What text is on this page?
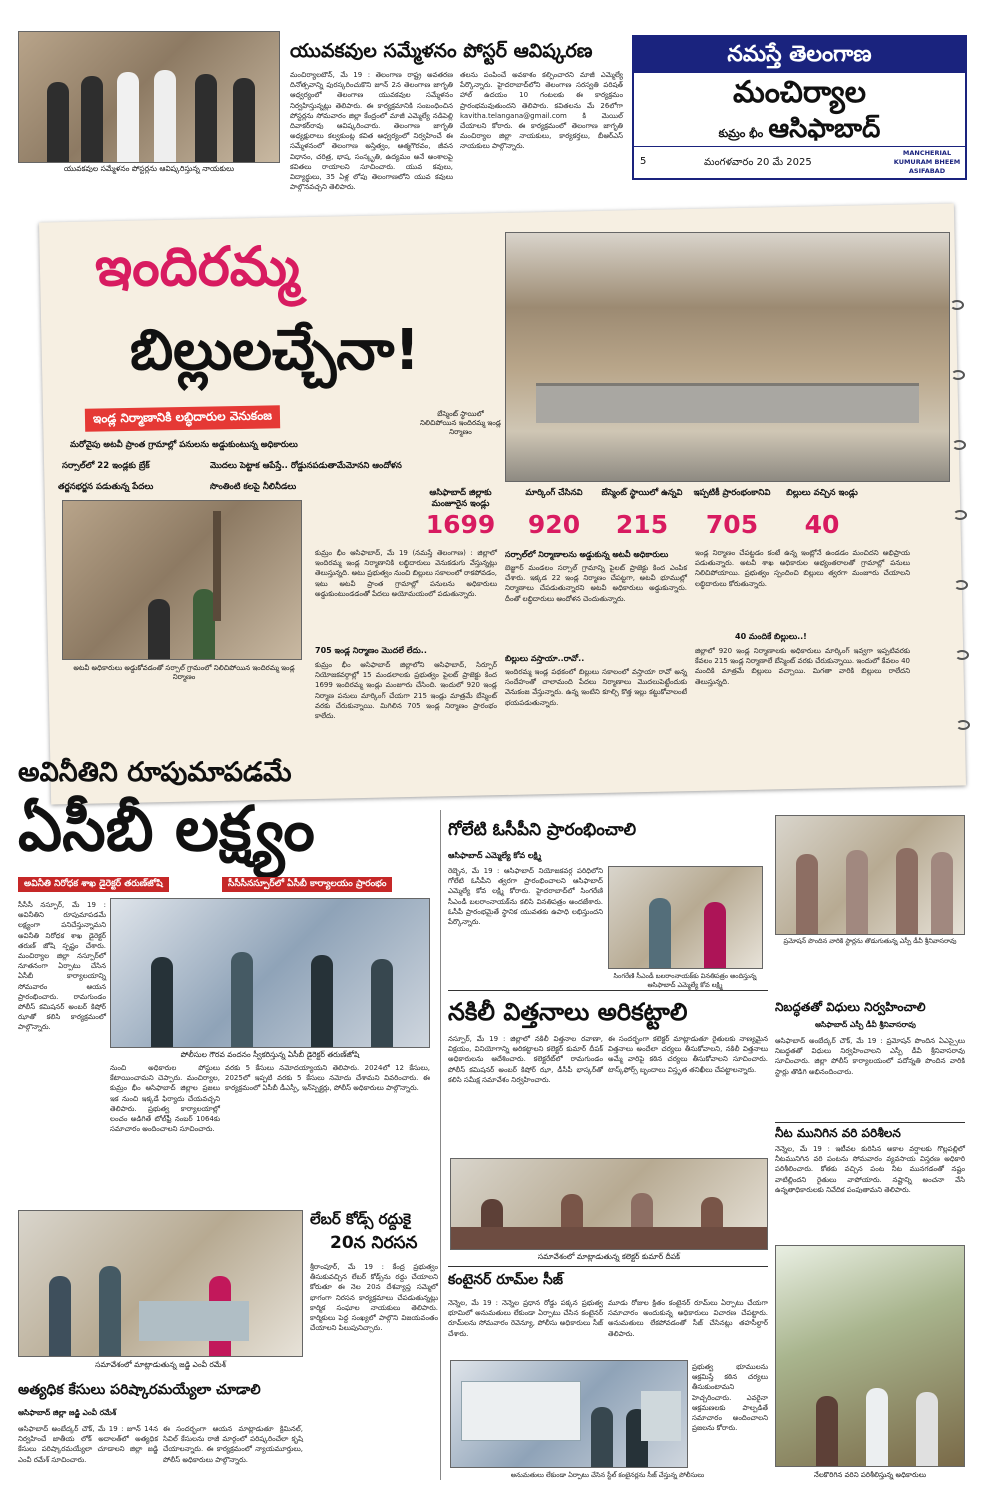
యువకవుల సమ్మేళనం పోస్టర్లను ఆవిష్కరిస్తున్న నాయకులు
యువకవుల సమ్మేళనం పోస్టర్ ఆవిష్కరణ
మంచిర్యాలటౌన్, మే 19 : తెలంగాణ రాష్ట్ర అవతరణ దినోత్సవాన్ని పురస్కరించుకొని జూన్ 2న తెలంగాణ జాగృతి ఆధ్వర్యంలో తెలంగాణ యువకవుల సమ్మేళనం నిర్వహిస్తున్నట్లు తెలిపారు. ఈ కార్యక్రమానికి సంబంధించిన పోస్టర్లను సోమవారం జిల్లా కేంద్రంలో మాజీ ఎమ్మెల్యే నడిపెల్లి దివాకర్‌రావు ఆవిష్కరించారు. తెలంగాణ జాగృతి అధ్యక్షురాలు కల్వకుంట్ల కవిత ఆధ్వర్యంలో నిర్వహించే ఈ సమ్మేళనంలో తెలంగాణ అస్తిత్వం, ఆత్మగౌరవం, జీవన విధానం, చరిత్ర, భాష, సంస్కృతి, ఉద్యమం అనే అంశాలపై కవితలు రాయాలని సూచించారు. యువ కవులు, విద్యార్థులు, 35 ఏళ్ల లోపు తెలంగాణలోని యువ కవులు పాల్గొనవచ్చని తెలిపారు.
తలను పంపించే అవకాశం కల్పించారని మాజీ ఎమ్మెల్యే పేర్కొన్నారు. హైదరాబాద్‌లోని తెలంగాణ సరస్వతి పరిషత్ హాల్ ఉదయం 10 గంటలకు ఈ కార్యక్రమం ప్రారంభమవుతుందని తెలిపారు. కవితలను మే 26లోగా kavitha.telangana@gmail.com కి మెయిల్ చేయాలని కోరారు. ఈ కార్యక్రమంలో తెలంగాణ జాగృతి మంచిర్యాల జిల్లా నాయకులు, కార్యకర్తలు, బీఆర్ఎస్ నాయకులు పాల్గొన్నారు.
నమస్తే తెలంగాణ
మంచిర్యాల
కుమ్రం భీం ఆసిఫాబాద్
5	మంగళవారం 20 మే 2025
MANCHERIAL
KUMURAM BHEEM
ASIFABAD
ఇందిరమ్మ
బిల్లులచ్చేనా!
బేస్మెంట్ స్థాయిలో నిలిచిపోయిన ఇందిరమ్మ ఇండ్ల నిర్మాణం
ఇండ్ల నిర్మాణానికి లబ్ధిదారుల వెనుకంజ
మరోవైపు అటవీ ప్రాంత గ్రామాల్లో పనులను అడ్డుకుంటున్న అధికారులు
సర్సాల్‌లో 22 ఇండ్లకు బ్రేక్	మొదలు పెట్టాక ఆపేస్తే.. రోడ్డునపడుతామేమోనని ఆందోళన
తర్జనభర్జన పడుతున్న పేదలు	సొంతింటి కలపై నీలినీడలు
ఆసిఫాబాద్ జిల్లాకు మంజూరైన ఇండ్లు
1699
మార్కింగ్ చేసినవి
920
బేస్మెంట్ స్థాయిలో ఉన్నవి
215
ఇప్పటికీ ప్రారంభంకానివి
705
బిల్లులు వచ్చిన ఇండ్లు
40
అటవీ అధికారులు అడ్డుకోవడంతో సర్సాల్ గ్రామంలో నిలిచిపోయిన ఇందిరమ్మ ఇండ్ల నిర్మాణం
కుమ్రం భీం ఆసిఫాబాద్, మే 19 (నమస్తే తెలంగాణ) : జిల్లాలో ఇందిరమ్మ ఇండ్ల నిర్మాణానికి లబ్ధిదారులు వెనుకడుగు వేస్తున్నట్లు తెలుస్తున్నది. అటు ప్రభుత్వం నుంచి బిల్లులు సకాలంలో రాకపోవడం, ఇటు అటవీ ప్రాంత గ్రామాల్లో పనులను అధికారులు అడ్డుకుంటుండడంతో పేదలు అయోమయంలో పడుతున్నారు.
705 ఇండ్ల నిర్మాణం మొదలే లేదు..
కుమ్రం భీం ఆసిఫాబాద్ జిల్లాలోని ఆసిఫాబాద్, సిర్పూర్ నియోజకవర్గాల్లో 15 మండలాలకు ప్రభుత్వం పైలట్ ప్రాజెక్టు కింద 1699 ఇందిరమ్మ ఇండ్లు మంజూరు చేసింది. ఇందులో 920 ఇండ్ల నిర్మాణ పనులు మార్కింగ్ చేయగా 215 ఇండ్లు మాత్రమే బేస్మెంట్ వరకు చేరుకున్నాయి. మిగిలిన 705 ఇండ్ల నిర్మాణం ప్రారంభం కాలేదు.
సర్సాల్‌లో నిర్మాణాలను అడ్డుకున్న అటవీ అధికారులు
బెజ్జూర్ మండలం సర్సాల్ గ్రామాన్ని పైలట్ ప్రాజెక్టు కింద ఎంపిక చేశారు. ఇక్కడ 22 ఇండ్ల నిర్మాణం చేపట్టగా, అటవీ భూముల్లో నిర్మాణాలు చేపడుతున్నారని అటవీ అధికారులు అడ్డుకున్నారు. దీంతో లబ్ధిదారులు ఆందోళన చెందుతున్నారు.
బిల్లులు వస్తాయా..రావో..
ఇందిరమ్మ ఇండ్ల పథకంలో బిల్లులు సకాలంలో వస్తాయా రావో అన్న సందేహంతో చాలామంది పేదలు నిర్మాణాలు మొదలుపెట్టేందుకు వెనుకంజ వేస్తున్నారు. ఉన్న ఇంటిని కూల్చి కొత్త ఇల్లు కట్టుకోవాలంటే భయపడుతున్నారు.
ఇండ్ల నిర్మాణం చేపట్టడం కంటే ఉన్న ఇంట్లోనే ఉండడం మంచిదని అభిప్రాయ పడుతున్నారు. అటవీ శాఖ అధికారుల అభ్యంతరాలతో గ్రామాల్లో పనులు నిలిచిపోయాయి. ప్రభుత్వం స్పందించి బిల్లులు త్వరగా మంజూరు చేయాలని లబ్ధిదారులు కోరుతున్నారు.
40 మందికే బిల్లులు..!
జిల్లాలో 920 ఇండ్ల నిర్మాణాలకు అధికారులు మార్కింగ్ ఇవ్వగా ఇప్పటివరకు కేవలం 215 ఇండ్ల నిర్మాణాలే బేస్మెంట్ వరకు చేరుకున్నాయి. ఇందులో కేవలం 40 మందికి మాత్రమే బిల్లులు వచ్చాయి. మిగతా వారికి బిల్లులు రాలేదని తెలుస్తున్నది.
అవినీతిని రూపుమాపడమే
ఏసీబీ లక్ష్యం
అవినీతి నిరోధక శాఖ డైరెక్టర్ తరుణ్‌జోషి	సీసీసీనస్పూర్‌లో ఏసీబీ కార్యాలయం ప్రారంభం
పోలీసుల గౌరవ వందనం స్వీకరిస్తున్న ఏసీబీ డైరెక్టర్ తరుణ్‌జోషి
సీసీసీ నస్పూర్, మే 19 : అవినీతిని రూపుమాపడమే లక్ష్యంగా పనిచేస్తున్నామని అవినీతి నిరోధక శాఖ డైరెక్టర్ తరుణ్ జోషి స్పష్టం చేశారు. మంచిర్యాల జిల్లా నస్పూర్‌లో నూతనంగా ఏర్పాటు చేసిన ఏసీబీ కార్యాలయాన్ని సోమవారం ఆయన ప్రారంభించారు. రామగుండం పోలీస్ కమిషనర్ అంబర్ కిషోర్ ఝాతో కలిసి కార్యక్రమంలో పాల్గొన్నారు.
నుంచి అధికారుల పోస్టులు కేటాయించామని చెప్పారు. మంచిర్యాల, కుమ్రం భీం ఆసిఫాబాద్ జిల్లాల ప్రజలు ఇక నుంచి ఇక్కడే ఫిర్యాదు చేయవచ్చని తెలిపారు. ప్రభుత్వ కార్యాలయాల్లో లంచం అడిగితే టోల్‌ఫ్రీ నంబర్ 1064కు సమాచారం అందించాలని సూచించారు.
వరకు 5 కేసులు నమోదయ్యాయని తెలిపారు. 2024లో 12 కేసులు, 2025లో ఇప్పటి వరకు 5 కేసులు నమోదు చేశామని వివరించారు. ఈ కార్యక్రమంలో ఏసీబీ డీఎస్పీ, ఇన్‌స్పెక్టర్లు, పోలీస్ అధికారులు పాల్గొన్నారు.
గోలేటి ఓసీపీని ప్రారంభించాలి
ఆసిఫాబాద్ ఎమ్మెల్యే కోవ లక్ష్మి
రెబ్బెన, మే 19 : ఆసిఫాబాద్ నియోజకవర్గ పరిధిలోని గోలేటి ఓసీపీని త్వరగా ప్రారంభించాలని ఆసిఫాబాద్ ఎమ్మెల్యే కోవ లక్ష్మి కోరారు. హైదరాబాద్‌లో సింగరేణి సీఎండీ బలరాంనాయక్‌ను కలిసి వినతిపత్రం అందజేశారు. ఓసీపీ ప్రారంభమైతే స్థానిక యువతకు ఉపాధి లభిస్తుందని పేర్కొన్నారు.
సింగరేణి సీఎండీ బలరాంనాయక్‌కు వినతిపత్రం అందిస్తున్న ఆసిఫాబాద్ ఎమ్మెల్యే కోవ లక్ష్మి
ప్రమోషన్ పొందిన వారికి స్టార్లను తొడుగుతున్న ఎస్పీ డీవీ శ్రీనివాసరావు
నిబద్ధతతో విధులు నిర్వహించాలి
ఆసిఫాబాద్ ఎస్పీ డీవీ శ్రీనివాసరావు
ఆసిఫాబాద్ అంబేద్కర్ చౌక్, మే 19 : ప్రమోషన్ పొందిన ఏఎస్సైలు నిబద్ధతతో విధులు నిర్వహించాలని ఎస్పీ డీవీ శ్రీనివాసరావు సూచించారు. జిల్లా పోలీస్ కార్యాలయంలో పదోన్నతి పొందిన వారికి స్టార్లు తొడిగి అభినందించారు.
నీట మునిగిన వరి పరిశీలన
నెన్నెల, మే 19 : ఇటీవల కురిసిన అకాల వర్షాలకు గొల్లపల్లిలో నీటమునిగిన వరి పంటను సోమవారం వ్యవసాయ విస్తరణ అధికారి పరిశీలించారు. కోతకు వచ్చిన పంట నీట మునగడంతో నష్టం వాటిల్లిందని రైతులు వాపోయారు. నష్టాన్ని అంచనా వేసి ఉన్నతాధికారులకు నివేదిక పంపుతామని తెలిపారు.
నేలకొరిగిన వరిని పరిశీలిస్తున్న అధికారులు
నకిలీ విత్తనాలు అరికట్టాలి
నస్పూర్, మే 19 : జిల్లాలో నకిలీ విత్తనాల రవాణా, విక్రయం, వినియోగాన్ని అరికట్టాలని కలెక్టర్ కుమార్ దీపక్ అధికారులను ఆదేశించారు. కలెక్టరేట్‌లో రామగుండం పోలీస్ కమిషనర్ అంబర్ కిషోర్ ఝా, డీసీపీ భాస్కర్‌తో కలిసి సమీక్ష సమావేశం నిర్వహించారు.
ఈ సందర్భంగా కలెక్టర్ మాట్లాడుతూ రైతులకు నాణ్యమైన విత్తనాలు అందేలా చర్యలు తీసుకోవాలని, నకిలీ విత్తనాలు అమ్మే వారిపై కఠిన చర్యలు తీసుకోవాలని సూచించారు. టాస్క్‌ఫోర్స్ బృందాలు విస్తృత తనిఖీలు చేపట్టాలన్నారు.
సమావేశంలో మాట్లాడుతున్న కలెక్టర్ కుమార్ దీపక్
లేబర్ కోడ్స్ రద్దుకై
20న నిరసన
శ్రీరాంపూర్, మే 19 : కేంద్ర ప్రభుత్వం తీసుకువచ్చిన లేబర్ కోడ్స్‌ను రద్దు చేయాలని కోరుతూ ఈ నెల 20న దేశవ్యాప్త సమ్మెలో భాగంగా నిరసన కార్యక్రమాలు చేపడుతున్నట్లు కార్మిక సంఘాల నాయకులు తెలిపారు. కార్మికులు పెద్ద సంఖ్యలో పాల్గొని విజయవంతం చేయాలని పిలుపునిచ్చారు.
సమావేశంలో మాట్లాడుతున్న జడ్జి ఎంవీ రమేశ్
అత్యధిక కేసులు పరిష్కారమయ్యేలా చూడాలి
ఆసిఫాబాద్ జిల్లా జడ్జి ఎంవీ రమేశ్
ఆసిఫాబాద్ అంబేద్కర్ చౌక్, మే 19 : జూన్ 14న నిర్వహించే జాతీయ లోక్ అదాలత్‌లో అత్యధిక కేసులు పరిష్కారమయ్యేలా చూడాలని జిల్లా జడ్జి ఎంవీ రమేశ్ సూచించారు.
ఈ సందర్భంగా ఆయన మాట్లాడుతూ క్రిమినల్, సివిల్ కేసులను రాజీ మార్గంలో పరిష్కరించేలా కృషి చేయాలన్నారు. ఈ కార్యక్రమంలో న్యాయమూర్తులు, పోలీస్ అధికారులు పాల్గొన్నారు.
కంటైనర్ రూమ్‌ల సీజ్
నెన్నెల, మే 19 : నెన్నెల ప్రధాన రోడ్డు పక్కన ప్రభుత్వ భూమిలో అనుమతులు లేకుండా ఏర్పాటు చేసిన కంటైనర్ రూమ్‌లను సోమవారం రెవెన్యూ, పోలీసు అధికారులు సీజ్ చేశారు.
మూడు రోజుల క్రితం కంటైనర్ రూమ్‌లు ఏర్పాటు చేయగా సమాచారం అందుకున్న అధికారులు విచారణ చేపట్టారు. అనుమతులు లేకపోవడంతో సీజ్ చేసినట్లు తహసీల్దార్ తెలిపారు.
ప్రభుత్వ భూములను ఆక్రమిస్తే కఠిన చర్యలు తీసుకుంటామని హెచ్చరించారు. ఎవరైనా ఆక్రమణలకు పాల్పడితే సమాచారం అందించాలని ప్రజలను కోరారు.
అనుమతులు లేకుండా ఏర్పాటు చేసిన స్టీల్ కంటైనర్లను సీజ్ చేస్తున్న పోలీసులు
